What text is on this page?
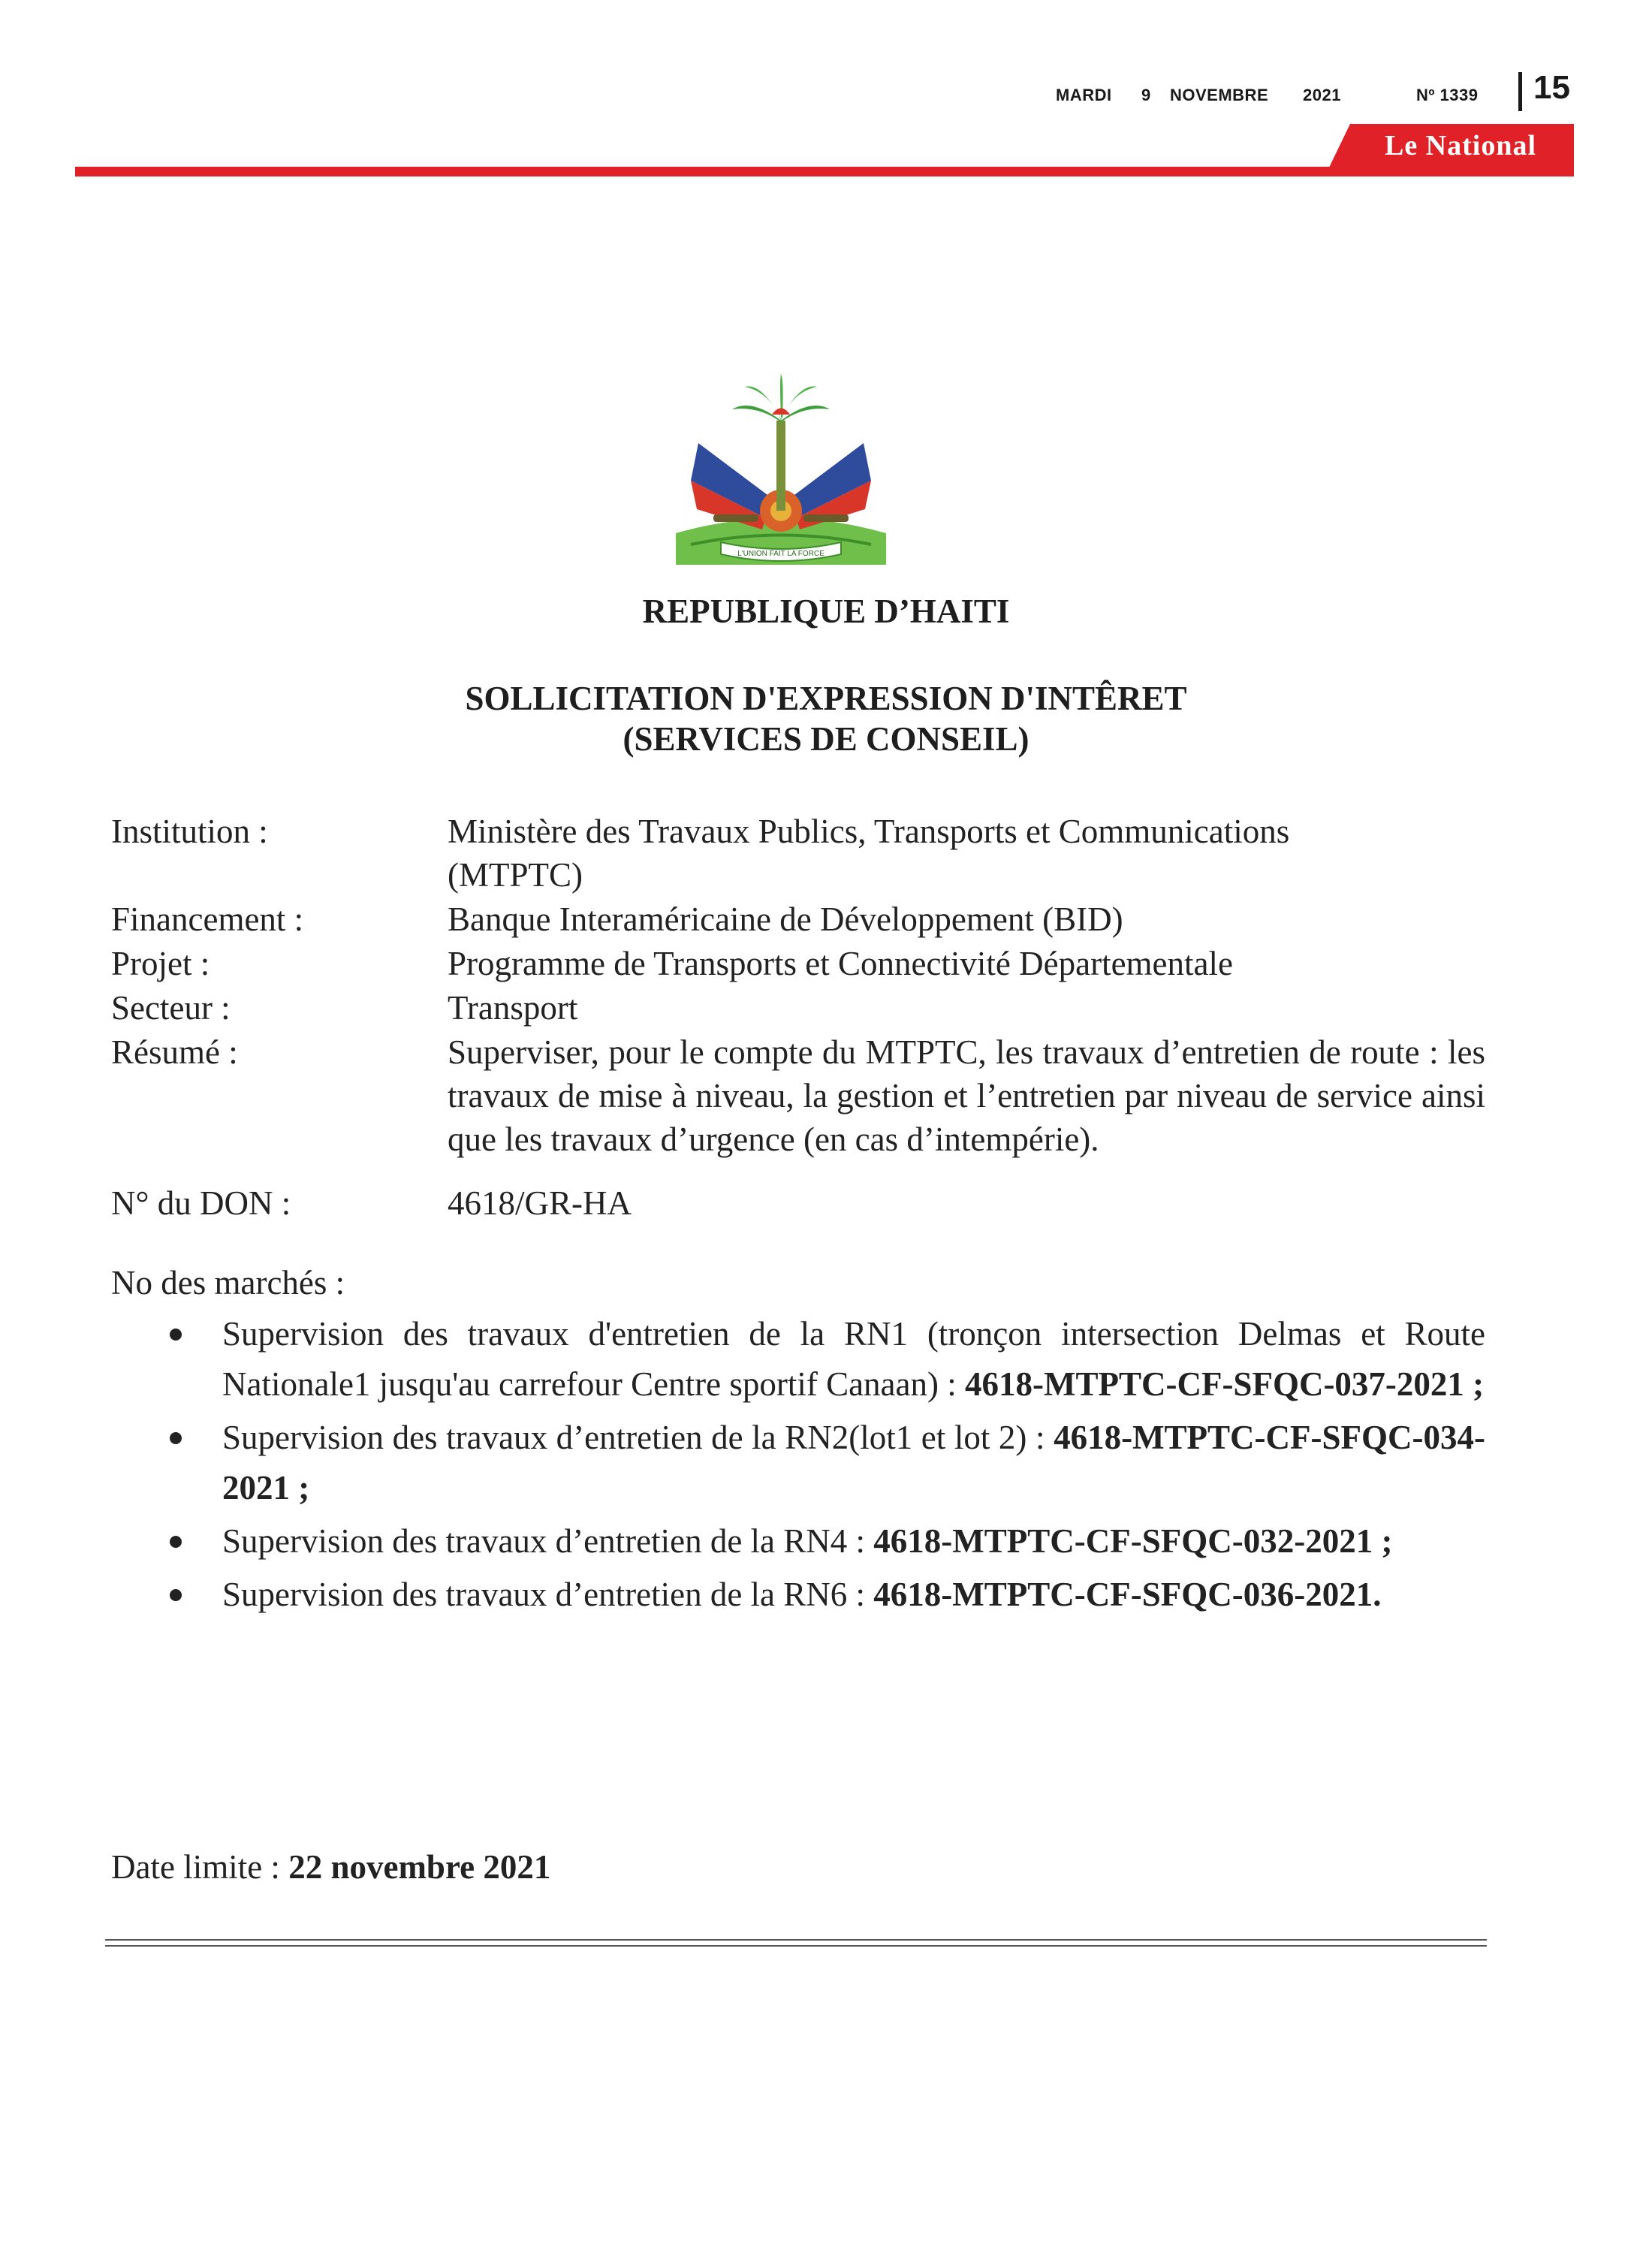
MARDI 9 NOVEMBRE 2021	Nº 1339 15
Le National
L'UNION FAIT LA FORCE
REPUBLIQUE D’HAITI
SOLLICITATION D'EXPRESSION D'INTÊRET
(SERVICES DE CONSEIL)
Institution :	Ministère des Travaux Publics, Transports et Communications
(MTPTC)
Financement :	Banque Interaméricaine de Développement (BID)
Projet :	Programme de Transports et Connectivité Départementale
Secteur :	Transport
Résumé :	Superviser, pour le compte du MTPTC, les travaux d’entretien de route : les travaux de mise à niveau, la gestion et l’entretien par niveau de service ainsi que les travaux d’urgence (en cas d’intempérie).
N° du DON :	4618/GR-HA
No des marchés :
Supervision des travaux d'entretien de la RN1 (tronçon intersection Delmas et Route Nationale1 jusqu'au carrefour Centre sportif Canaan) : 4618-MTPTC-CF-SFQC-037-2021 ;
Supervision des travaux d’entretien de la RN2(lot1 et lot 2) : 4618-MTPTC-CF-SFQC-034-2021 ;
Supervision des travaux d’entretien de la RN4 : 4618-MTPTC-CF-SFQC-032-2021 ;
Supervision des travaux d’entretien de la RN6 : 4618-MTPTC-CF-SFQC-036-2021.
Date limite : 22 novembre 2021
